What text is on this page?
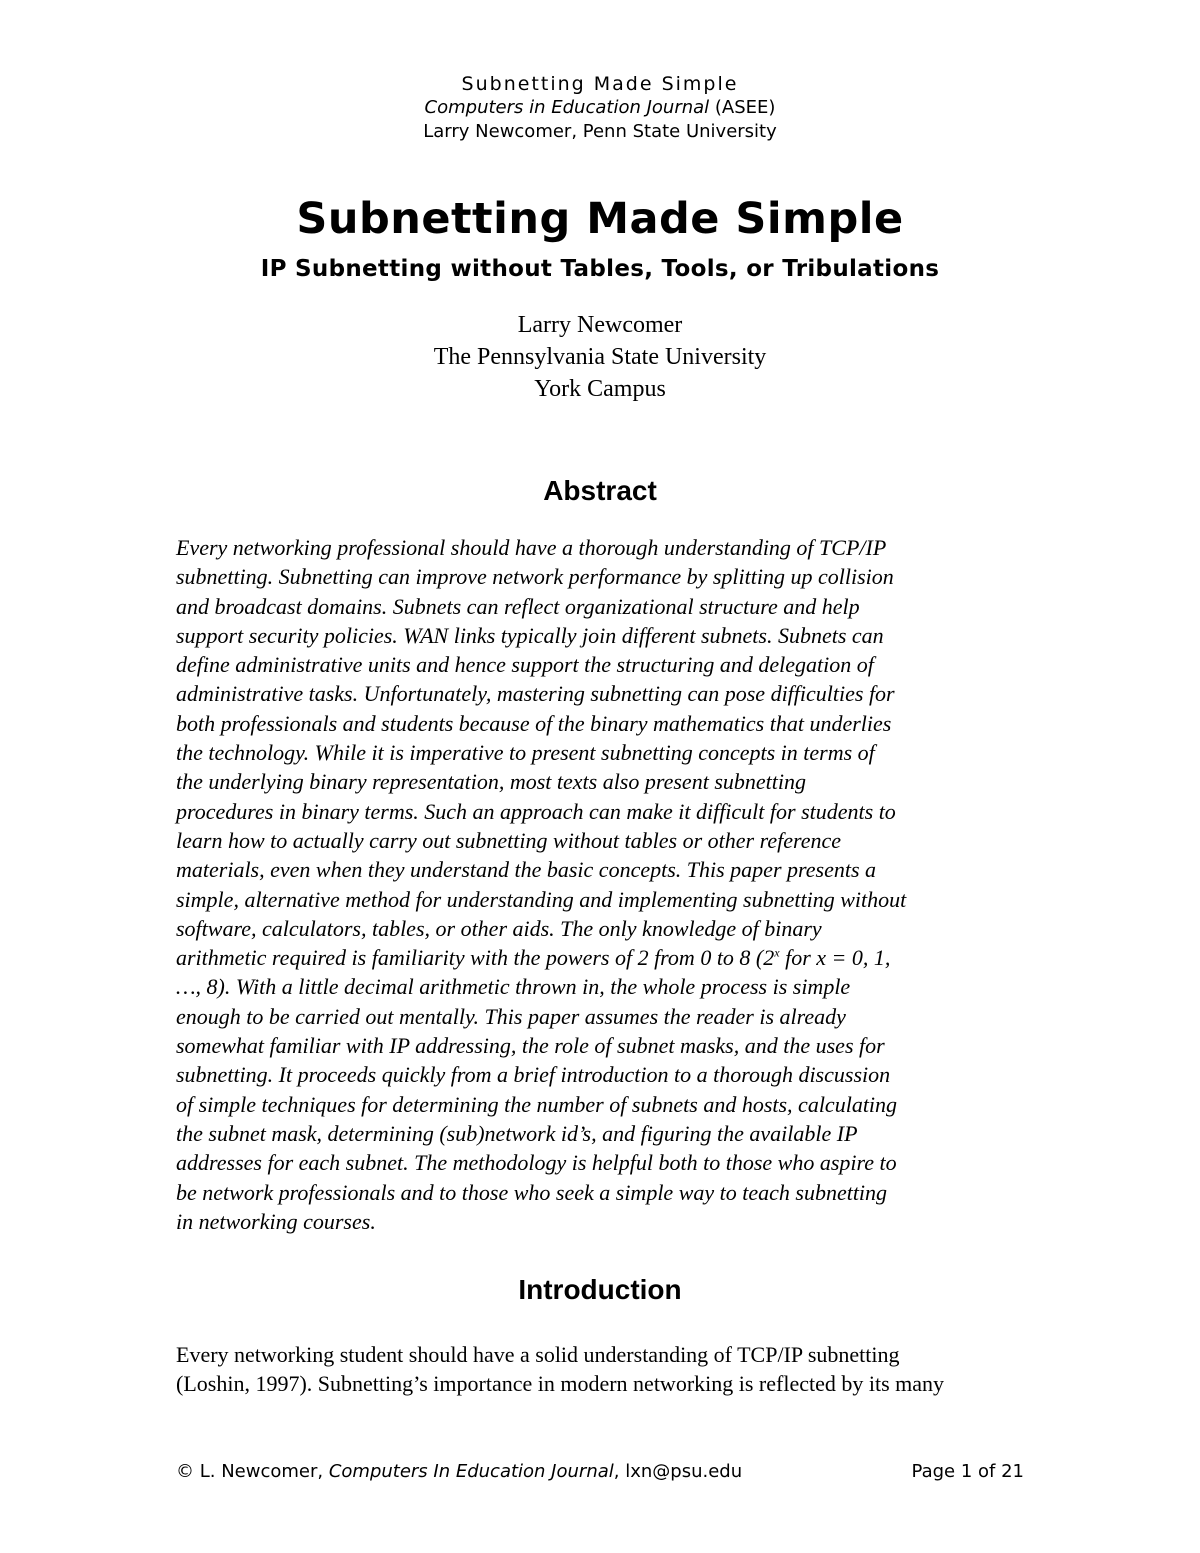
Subnetting Made Simple
Computers in Education Journal (ASEE)
Larry Newcomer, Penn State University
Subnetting Made Simple
IP Subnetting without Tables, Tools, or Tribulations
Larry Newcomer
The Pennsylvania State University
York Campus
Abstract
Every networking professional should have a thorough understanding of TCP/IP
subnetting. Subnetting can improve network performance by splitting up collision
and broadcast domains. Subnets can reflect organizational structure and help
support security policies. WAN links typically join different subnets. Subnets can
define administrative units and hence support the structuring and delegation of
administrative tasks. Unfortunately, mastering subnetting can pose difficulties for
both professionals and students because of the binary mathematics that underlies
the technology. While it is imperative to present subnetting concepts in terms of
the underlying binary representation, most texts also present subnetting
procedures in binary terms. Such an approach can make it difficult for students to
learn how to actually carry out subnetting without tables or other reference
materials, even when they understand the basic concepts. This paper presents a
simple, alternative method for understanding and implementing subnetting without
software, calculators, tables, or other aids. The only knowledge of binary
arithmetic required is familiarity with the powers of 2 from 0 to 8 (2$^x$ for x = 0, 1,
…, 8). With a little decimal arithmetic thrown in, the whole process is simple
enough to be carried out mentally. This paper assumes the reader is already
somewhat familiar with IP addressing, the role of subnet masks, and the uses for
subnetting. It proceeds quickly from a brief introduction to a thorough discussion
of simple techniques for determining the number of subnets and hosts, calculating
the subnet mask, determining (sub)network id’s, and figuring the available IP
addresses for each subnet. The methodology is helpful both to those who aspire to
be network professionals and to those who seek a simple way to teach subnetting
in networking courses.
Introduction
Every networking student should have a solid understanding of TCP/IP subnetting
(Loshin, 1997). Subnetting’s importance in modern networking is reflected by its many
© L. Newcomer, Computers In Education Journal, lxn@psu.edu	Page 1 of 21
